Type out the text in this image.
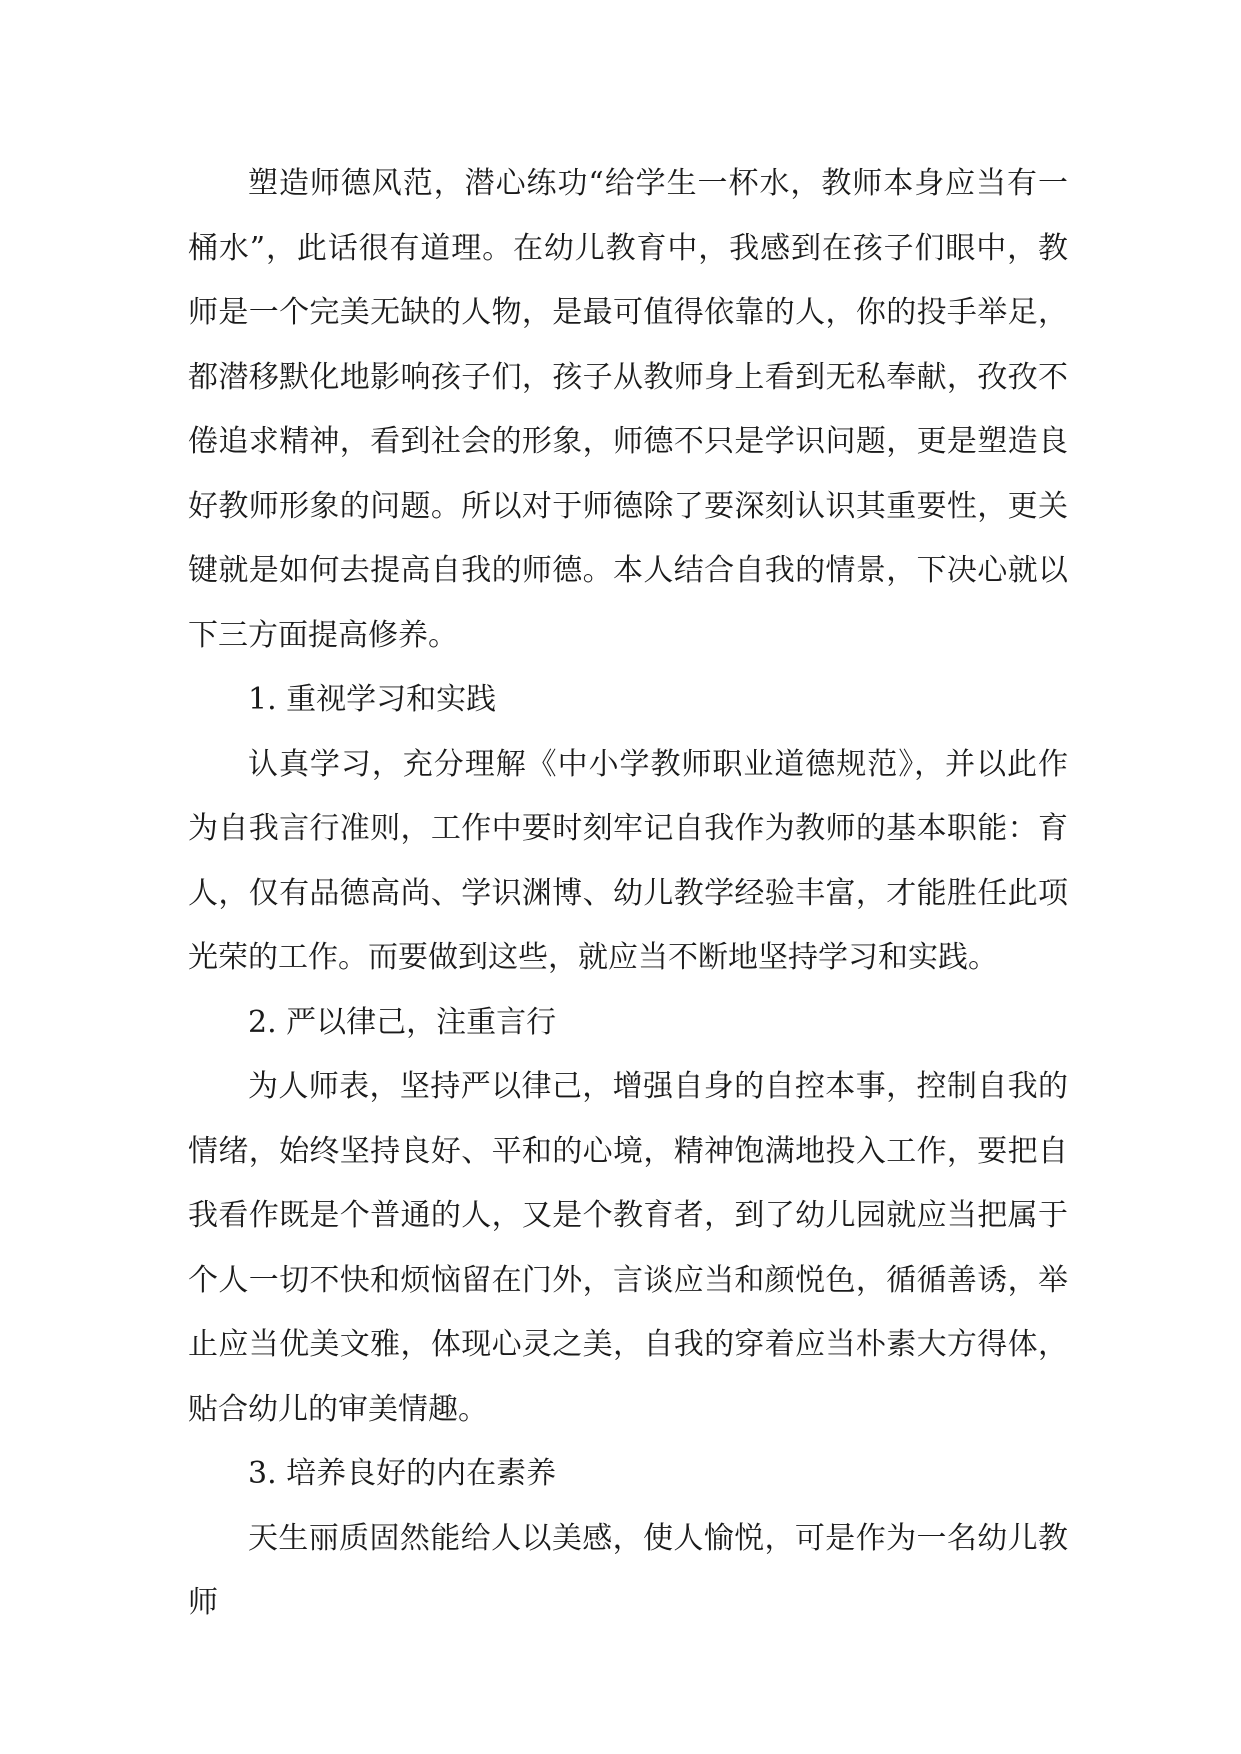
塑造师德风范，潜心练功“给学生一杯水，教师本身应当有一桶水”，此话很有道理。在幼儿教育中，我感到在孩子们眼中，教师是一个完美无缺的人物，是最可值得依靠的人，你的投手举足，都潜移默化地影响孩子们，孩子从教师身上看到无私奉献，孜孜不倦追求精神，看到社会的形象，师德不只是学识问题，更是塑造良好教师形象的问题。所以对于师德除了要深刻认识其重要性，更关键就是如何去提高自我的师德。本人结合自我的情景，下决心就以下三方面提高修养。

1. 重视学习和实践

认真学习，充分理解《中小学教师职业道德规范》，并以此作为自我言行准则，工作中要时刻牢记自我作为教师的基本职能：育人，仅有品德高尚、学识渊博、幼儿教学经验丰富，才能胜任此项光荣的工作。而要做到这些，就应当不断地坚持学习和实践。

2. 严以律己，注重言行

为人师表，坚持严以律己，增强自身的自控本事，控制自我的情绪，始终坚持良好、平和的心境，精神饱满地投入工作，要把自我看作既是个普通的人，又是个教育者，到了幼儿园就应当把属于个人一切不快和烦恼留在门外，言谈应当和颜悦色，循循善诱，举止应当优美文雅，体现心灵之美，自我的穿着应当朴素大方得体，贴合幼儿的审美情趣。

3. 培养良好的内在素养

天生丽质固然能给人以美感，使人愉悦，可是作为一名幼儿教师
